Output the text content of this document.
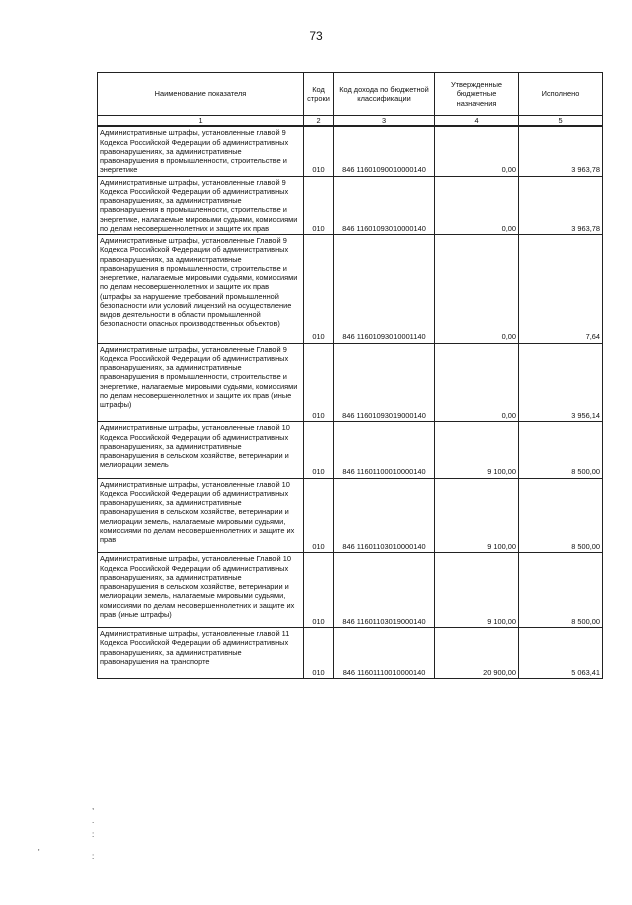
73
Наименование показателя	Код строки	Код дохода по бюджетной классификации	Утвержденные бюджетные назначения	Исполнено
1	2	3	4	5
Административные штрафы, установленные главой 9 Кодекса Российской Федерации об административных правонарушениях, за административные правонарушения в промышленности, строительстве и энергетике	010	846 11601090010000140	0,00	3 963,78
Административные штрафы, установленные главой 9 Кодекса Российской Федерации об административных правонарушениях, за административные правонарушения в промышленности, строительстве и энергетике, налагаемые мировыми судьями, комиссиями по делам несовершеннолетних и защите их прав	010	846 11601093010000140	0,00	3 963,78
Административные штрафы, установленные Главой 9 Кодекса Российской Федерации об административных правонарушениях, за административные правонарушения в промышленности, строительстве и энергетике, налагаемые мировыми судьями, комиссиями по делам несовершеннолетних и защите их прав (штрафы за нарушение требований промышленной безопасности или условий лицензий на осуществление видов деятельности в области промышленной безопасности опасных производственных объектов)	010	846 11601093010001140	0,00	7,64
Административные штрафы, установленные Главой 9 Кодекса Российской Федерации об административных правонарушениях, за административные правонарушения в промышленности, строительстве и энергетике, налагаемые мировыми судьями, комиссиями по делам несовершеннолетних и защите их прав (иные штрафы)	010	846 11601093019000140	0,00	3 956,14
Административные штрафы, установленные главой 10 Кодекса Российской Федерации об административных правонарушениях, за административные правонарушения в сельском хозяйстве, ветеринарии и мелиорации земель	010	846 11601100010000140	9 100,00	8 500,00
Административные штрафы, установленные главой 10 Кодекса Российской Федерации об административных правонарушениях, за административные правонарушения в сельском хозяйстве, ветеринарии и мелиорации земель, налагаемые мировыми судьями, комиссиями по делам несовершеннолетних и защите их прав	010	846 11601103010000140	9 100,00	8 500,00
Административные штрафы, установленные Главой 10 Кодекса Российской Федерации об административных правонарушениях, за административные правонарушения в сельском хозяйстве, ветеринарии и мелиорации земель, налагаемые мировыми судьями, комиссиями по делам несовершеннолетних и защите их прав (иные штрафы)	010	846 11601103019000140	9 100,00	8 500,00
Административные штрафы, установленные главой 11 Кодекса Российской Федерации об административных правонарушениях, за административные правонарушения на транспорте	010	846 11601110010000140	20 900,00	5 063,41
,
.
:
'	:
